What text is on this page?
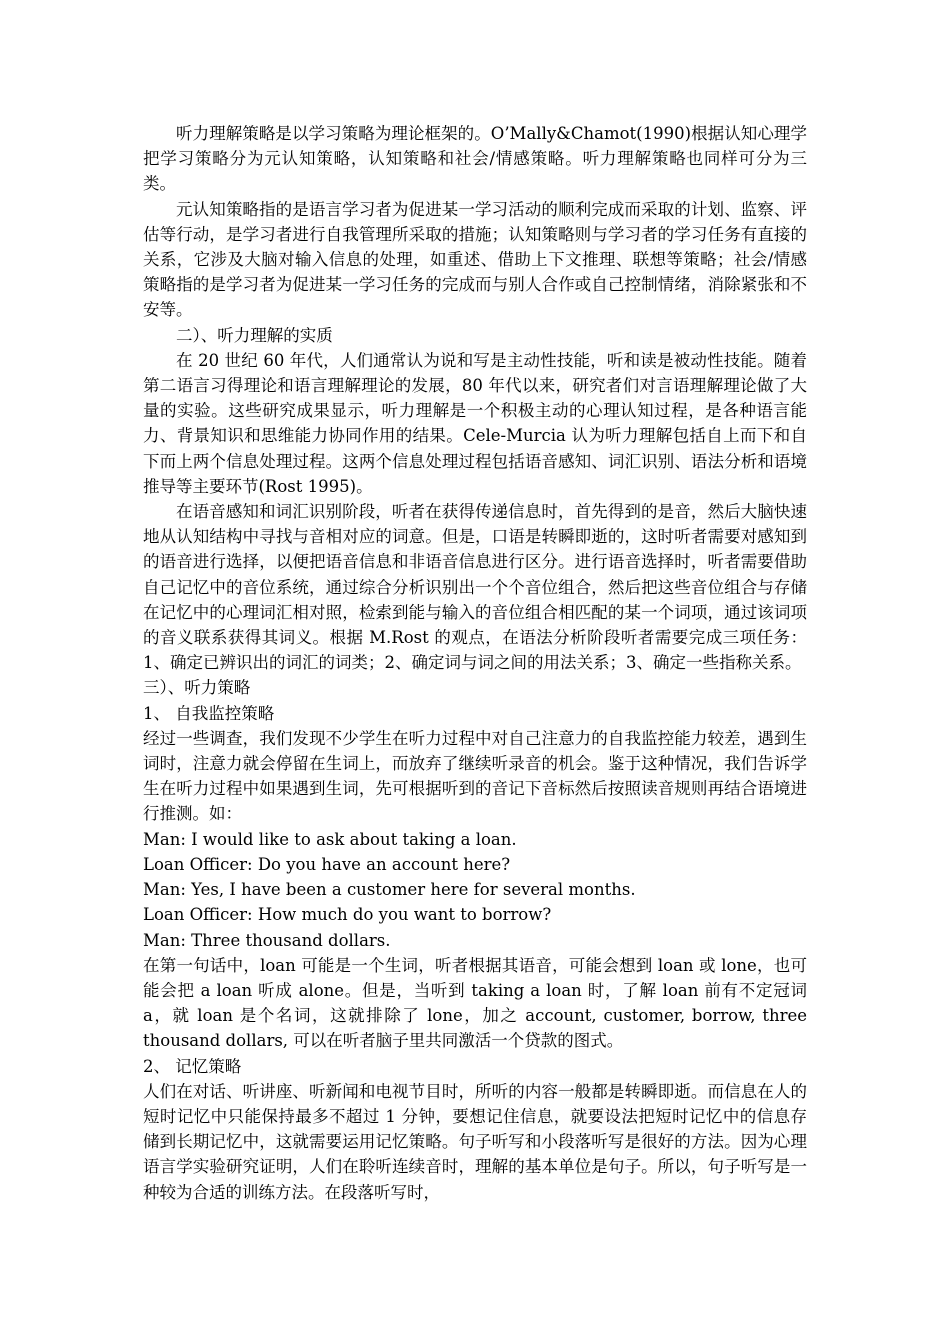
听力理解策略是以学习策略为理论框架的。O’Mally&Chamot(1990)根据认知心理学把学习策略分为元认知策略，认知策略和社会/情感策略。听力理解策略也同样可分为三类。

元认知策略指的是语言学习者为促进某一学习活动的顺利完成而采取的计划、监察、评估等行动，是学习者进行自我管理所采取的措施；认知策略则与学习者的学习任务有直接的关系，它涉及大脑对输入信息的处理，如重述、借助上下文推理、联想等策略；社会/情感策略指的是学习者为促进某一学习任务的完成而与别人合作或自己控制情绪，消除紧张和不安等。

二）、听力理解的实质

在 20 世纪 60 年代，人们通常认为说和写是主动性技能，听和读是被动性技能。随着第二语言习得理论和语言理解理论的发展，80 年代以来，研究者们对言语理解理论做了大量的实验。这些研究成果显示，听力理解是一个积极主动的心理认知过程，是各种语言能力、背景知识和思维能力协同作用的结果。Cele-Murcia 认为听力理解包括自上而下和自下而上两个信息处理过程。这两个信息处理过程包括语音感知、词汇识别、语法分析和语境推导等主要环节(Rost 1995)。

在语音感知和词汇识别阶段，听者在获得传递信息时，首先得到的是音，然后大脑快速地从认知结构中寻找与音相对应的词意。但是，口语是转瞬即逝的，这时听者需要对感知到的语音进行选择，以便把语音信息和非语音信息进行区分。进行语音选择时，听者需要借助自己记忆中的音位系统，通过综合分析识别出一个个音位组合，然后把这些音位组合与存储在记忆中的心理词汇相对照，检索到能与输入的音位组合相匹配的某一个词项，通过该词项的音义联系获得其词义。根据 M.Rost 的观点，在语法分析阶段听者需要完成三项任务：1、确定已辨识出的词汇的词类；2、确定词与词之间的用法关系；3、确定一些指称关系。

三）、听力策略

1、 自我监控策略

经过一些调查，我们发现不少学生在听力过程中对自己注意力的自我监控能力较差，遇到生词时，注意力就会停留在生词上，而放弃了继续听录音的机会。鉴于这种情况，我们告诉学生在听力过程中如果遇到生词，先可根据听到的音记下音标然后按照读音规则再结合语境进行推测。如：

Man: I would like to ask about taking a loan.

Loan Officer: Do you have an account here?

Man: Yes, I have been a customer here for several months.

Loan Officer: How much do you want to borrow?

Man: Three thousand dollars.

在第一句话中，loan 可能是一个生词，听者根据其语音，可能会想到 loan 或 lone，也可能会把 a loan 听成 alone。但是，当听到 taking a loan 时，了解 loan 前有不定冠词 a，就 loan 是个名词，这就排除了 lone，加之 account, customer, borrow, three thousand dollars, 可以在听者脑子里共同激活一个贷款的图式。

2、 记忆策略

人们在对话、听讲座、听新闻和电视节目时，所听的内容一般都是转瞬即逝。而信息在人的短时记忆中只能保持最多不超过 1 分钟，要想记住信息，就要设法把短时记忆中的信息存储到长期记忆中，这就需要运用记忆策略。句子听写和小段落听写是很好的方法。因为心理语言学实验研究证明，人们在聆听连续音时，理解的基本单位是句子。所以，句子听写是一种较为合适的训练方法。在段落听写时，
